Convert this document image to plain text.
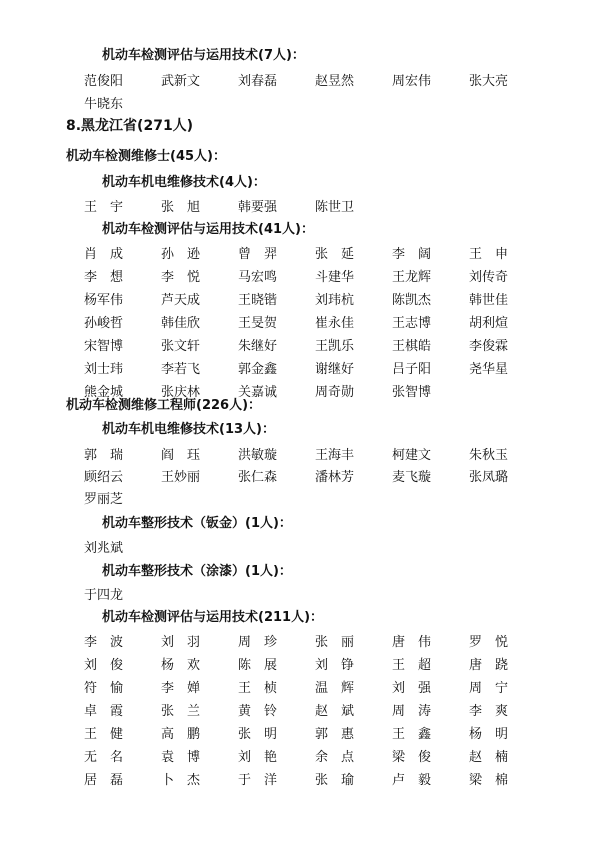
机动车检测评估与运用技术(7人)：
范俊阳	武新文	刘春磊	赵昱然	周宏伟	张大亮
牛晓东
8.黑龙江省(271人)
机动车检测维修士(45人)：
机动车机电维修技术(4人)：
王　宇	张　旭	韩要强	陈世卫
机动车检测评估与运用技术(41人)：
肖　成	孙　逊	曾　羿	张　延	李　阔	王　申
李　想	李　悦	马宏鸣	斗建华	王龙辉	刘传奇
杨军伟	芦天成	王晓锴	刘玮杭	陈凯杰	韩世佳
孙峻哲	韩佳欣	王旻贺	崔永佳	王志博	胡利煊
宋智博	张文轩	朱继好	王凯乐	王棋皓	李俊霖
刘士玮	李若飞	郭金鑫	谢继好	吕子阳	尧华星
熊金城	张庆林	关嘉诚	周奇勋	张智博
机动车检测维修工程师(226人)：
机动车机电维修技术(13人)：
郭　瑞	阎　珏	洪敏璇	王海丰	柯建文	朱秋玉
顾绍云	王妙丽	张仁森	潘林芳	麦飞璇	张凤璐
罗丽芝
机动车整形技术（钣金）(1人)：
刘兆斌
机动车整形技术（涂漆）(1人)：
于四龙
机动车检测评估与运用技术(211人)：
李　波	刘　羽	周　珍	张　丽	唐　伟	罗　悦
刘　俊	杨　欢	陈　展	刘　铮	王　超	唐　跷
符　愉	李　婵	王　桢	温　辉	刘　强	周　宁
卓　霞	张　兰	黄　铃	赵　斌	周　涛	李　爽
王　健	高　鹏	张　明	郭　惠	王　鑫	杨　明
无　名	袁　博	刘　艳	余　点	梁　俊	赵　楠
居　磊	卜　杰	于　洋	张　瑜	卢　毅	梁　棉
